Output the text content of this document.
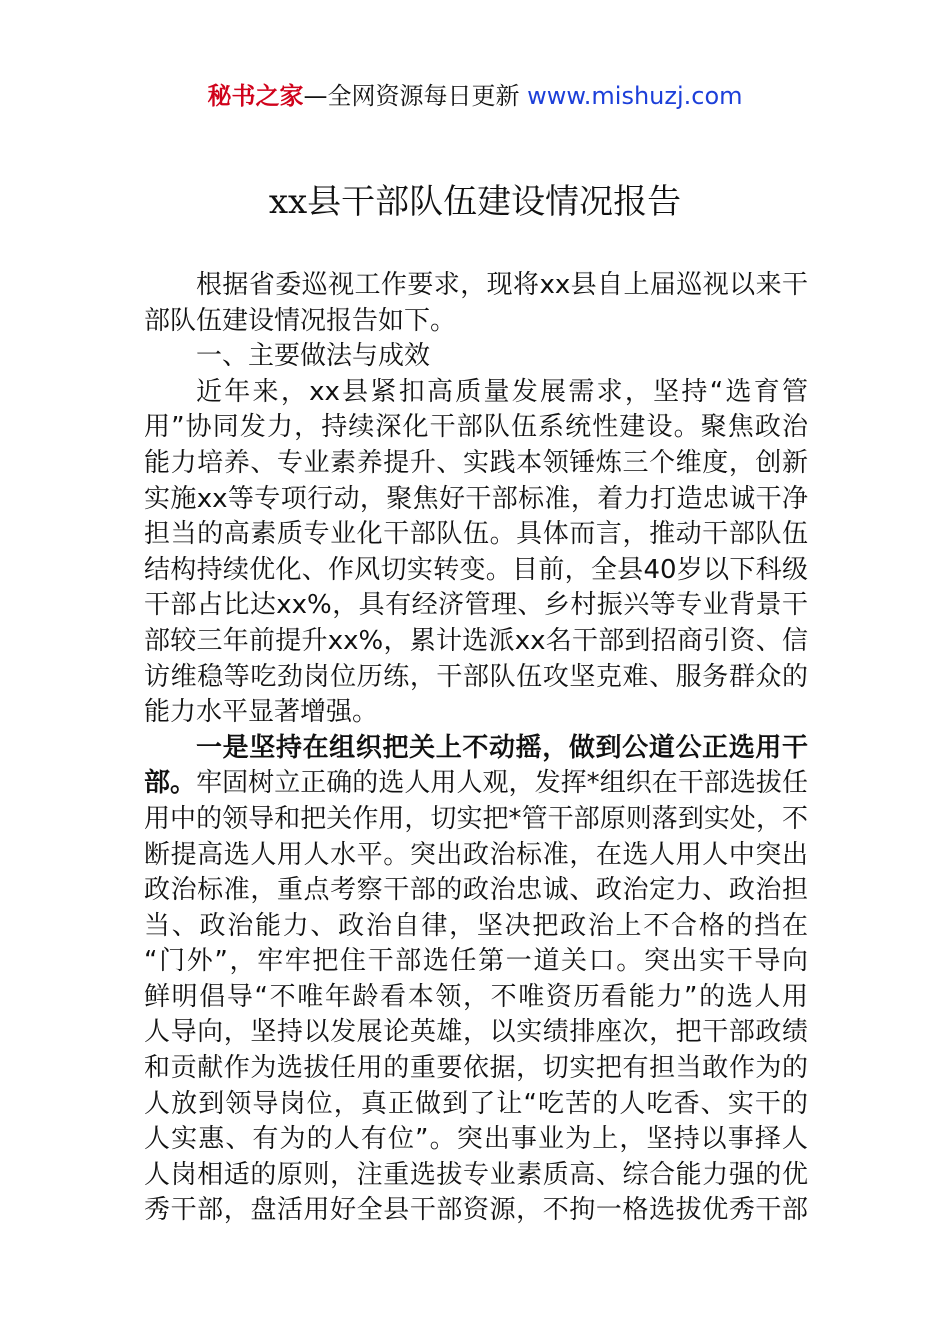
秘书之家—全网资源每日更新 www.mishuzj.com
xx县干部队伍建设情况报告
根据省委巡视工作要求，现将xx县自上届巡视以来干
部队伍建设情况报告如下。
一、主要做法与成效
近年来，xx县紧扣高质量发展需求，坚持“选育管
用”协同发力，持续深化干部队伍系统性建设。聚焦政治
能力培养、专业素养提升、实践本领锤炼三个维度，创新
实施xx等专项行动，聚焦好干部标准，着力打造忠诚干净
担当的高素质专业化干部队伍。具体而言，推动干部队伍
结构持续优化、作风切实转变。目前，全县40岁以下科级
干部占比达xx%，具有经济管理、乡村振兴等专业背景干
部较三年前提升xx%，累计选派xx名干部到招商引资、信
访维稳等吃劲岗位历练，干部队伍攻坚克难、服务群众的
能力水平显著增强。
一是坚持在组织把关上不动摇，做到公道公正选用干
部。牢固树立正确的选人用人观，发挥*组织在干部选拔任
用中的领导和把关作用，切实把*管干部原则落到实处，不
断提高选人用人水平。突出政治标准，在选人用人中突出
政治标准，重点考察干部的政治忠诚、政治定力、政治担
当、政治能力、政治自律，坚决把政治上不合格的挡在
“门外”，牢牢把住干部选任第一道关口。突出实干导向
鲜明倡导“不唯年龄看本领，不唯资历看能力”的选人用
人导向，坚持以发展论英雄，以实绩排座次，把干部政绩
和贡献作为选拔任用的重要依据，切实把有担当敢作为的
人放到领导岗位，真正做到了让“吃苦的人吃香、实干的
人实惠、有为的人有位”。突出事业为上，坚持以事择人
人岗相适的原则，注重选拔专业素质高、综合能力强的优
秀干部，盘活用好全县干部资源，不拘一格选拔优秀干部
